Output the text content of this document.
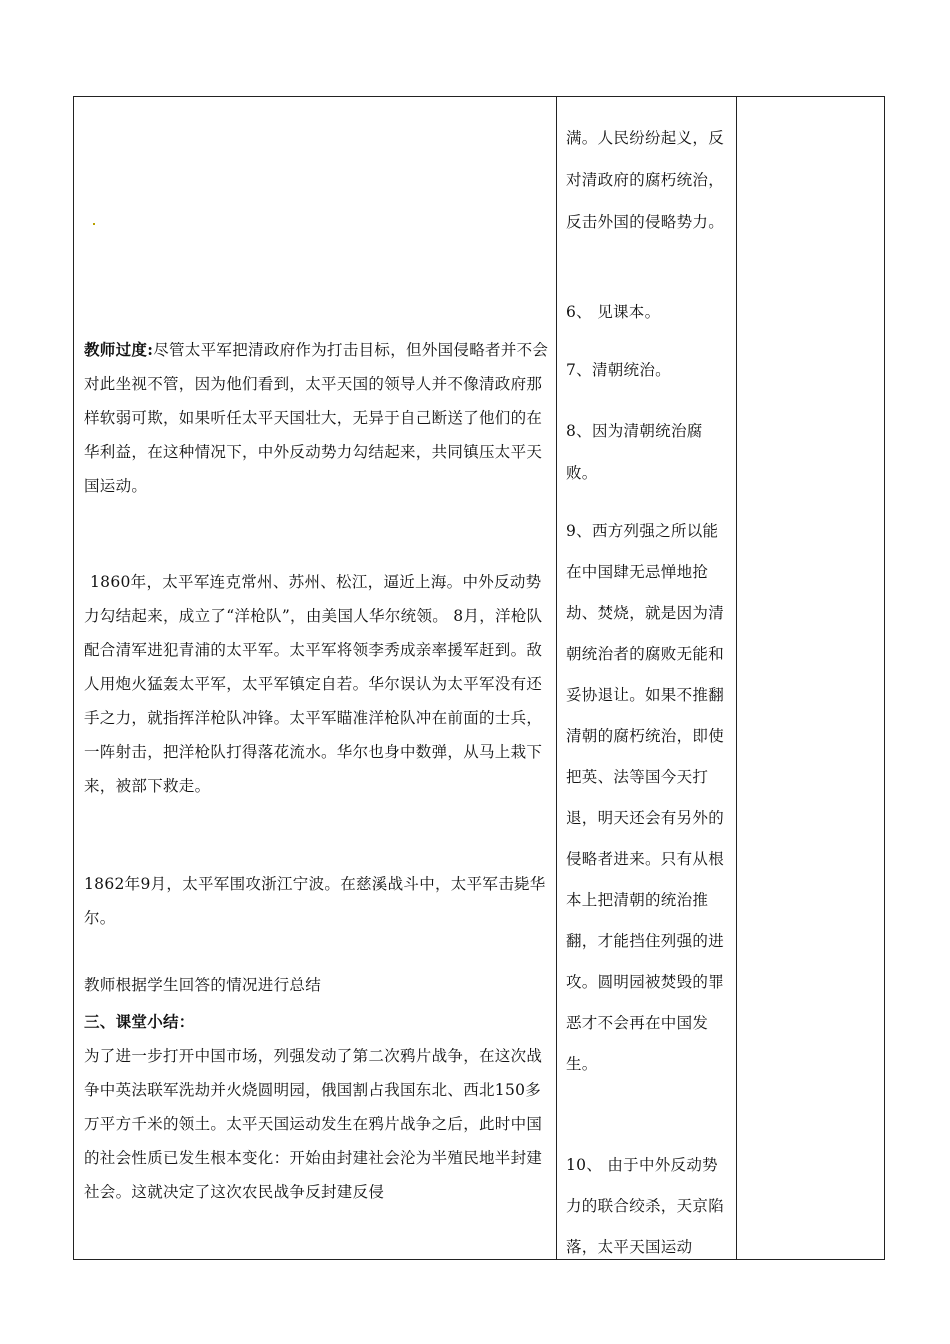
教师过度:尽管太平军把清政府作为打击目标，但外国侵略者并不会对此坐视不管，因为他们看到，太平天国的领导人并不像清政府那样软弱可欺，如果听任太平天国壮大，无异于自己断送了他们的在华利益，在这种情况下，中外反动势力勾结起来，共同镇压太平天国运动。

1860年，太平军连克常州、苏州、松江，逼近上海。中外反动势力勾结起来，成立了“洋枪队”，由美国人华尔统领。 8月，洋枪队配合清军进犯青浦的太平军。太平军将领李秀成亲率援军赶到。敌人用炮火猛轰太平军，太平军镇定自若。华尔误认为太平军没有还手之力，就指挥洋枪队冲锋。太平军瞄准洋枪队冲在前面的士兵，一阵射击，把洋枪队打得落花流水。华尔也身中数弹，从马上栽下来，被部下救走。

1862年9月，太平军围攻浙江宁波。在慈溪战斗中，太平军击毙华尔。

教师根据学生回答的情况进行总结

三、课堂小结：

为了进一步打开中国市场，列强发动了第二次鸦片战争，在这次战争中英法联军洗劫并火烧圆明园，俄国割占我国东北、西北150多万平方千米的领土。太平天国运动发生在鸦片战争之后，此时中国的社会性质已发生根本变化：开始由封建社会沦为半殖民地半封建社会。这就决定了这次农民战争反封建反侵

满。人民纷纷起义，反对清政府的腐朽统治，反击外国的侵略势力。

6、 见课本。

7、清朝统治。

8、因为清朝统治腐败。

9、西方列强之所以能在中国肆无忌惮地抢劫、焚烧，就是因为清朝统治者的腐败无能和妥协退让。如果不推翻清朝的腐朽统治，即使把英、法等国今天打退，明天还会有另外的侵略者进来。只有从根本上把清朝的统治推翻，才能挡住列强的进攻。圆明园被焚毁的罪恶才不会再在中国发生。

10、 由于中外反动势力的联合绞杀，天京陷落，太平天国运动
